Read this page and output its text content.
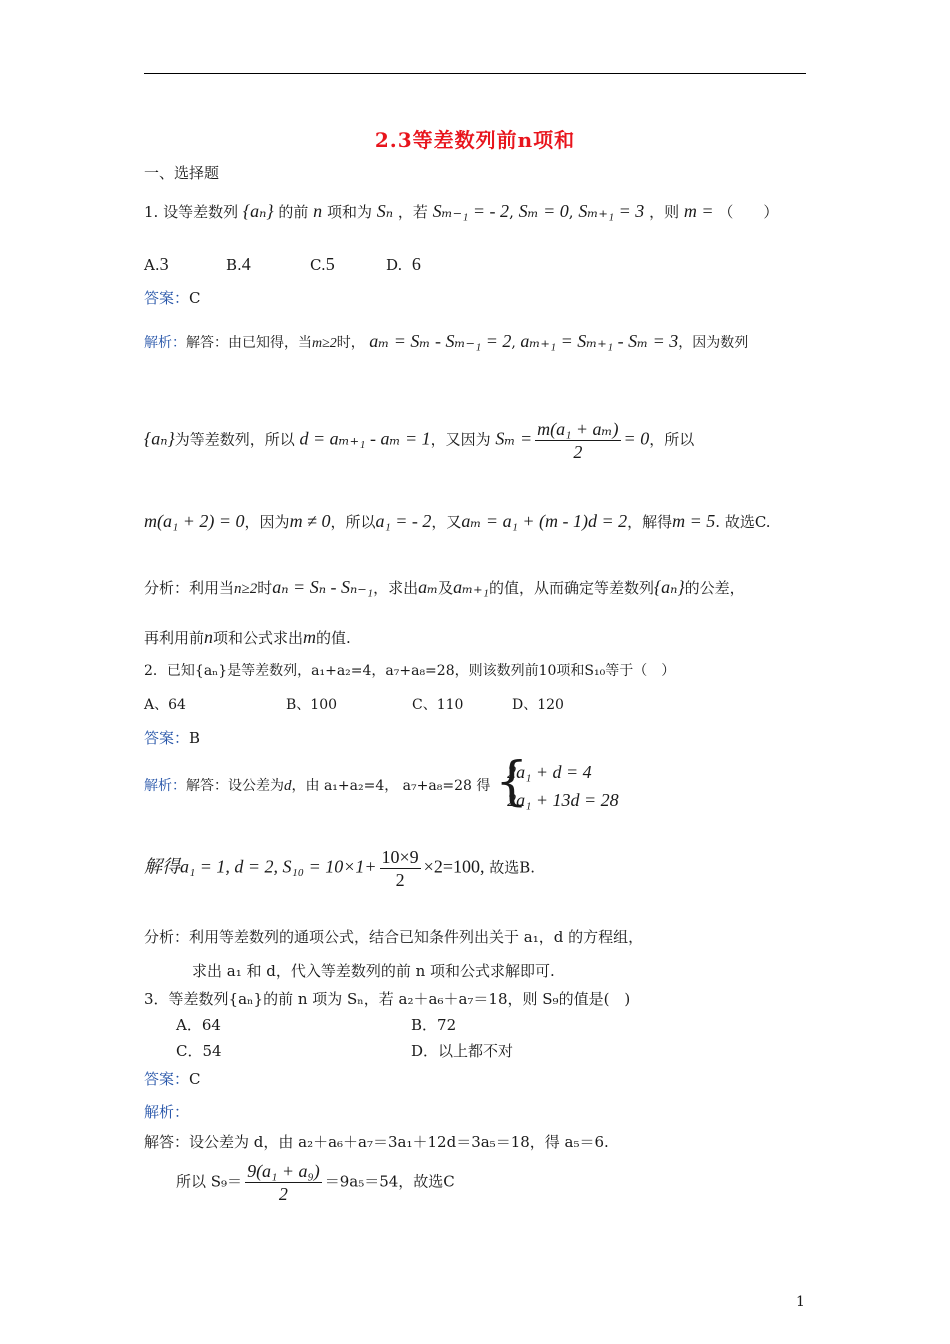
2.3等差数列前n项和
一、选择题
1. 设等差数列 {aₙ} 的前 n 项和为 Sₙ ，若 Sₘ₋₁ = - 2, Sₘ = 0, Sₘ₊₁ = 3 ，则 m = （　　）
A.3	B.4	C.5	D. 6
答案：C
解析：解答：由已知得，当m≥2时， aₘ = Sₘ - Sₘ₋₁ = 2, aₘ₊₁ = Sₘ₊₁ - Sₘ = 3，因为数列
{aₙ}为等差数列，所以 d = aₘ₊₁ - aₘ = 1，又因为 $S_m = \frac{\text{m(a₁ + aₘ)}}{2} = 0$，所以
m(a₁ + 2) = 0，因为m ≠ 0，所以a₁ = - 2，又aₘ = a₁ + (m - 1)d = 2，解得m = 5. 故选C.
分析：利用当n≥2时aₙ = Sₙ - Sₙ₋₁，求出aₘ及aₘ₊₁的值，从而确定等差数列{aₙ}的公差，
再利用前n项和公式求出m的值.
2．已知{aₙ}是等差数列，a₁+a₂=4，a₇+a₈=28，则该数列前10项和S₁₀等于（　）
A、64	B、100	C、110	D、120
答案：B
解析：解答：设公差为d，由 a₁+a₂=4， a₇+a₈=28 得 {
2a₁ + d = 4
2a₁ + 13d = 28
解得a₁ = 1, d = 2, $S_{10} = 10\times 1+ \frac{10\times 9}{2} \times 2=100$, 故选B.
分析：利用等差数列的通项公式，结合已知条件列出关于 a₁，d 的方程组，
求出 a₁ 和 d，代入等差数列的前 n 项和公式求解即可.
3．等差数列{aₙ}的前 n 项为 Sₙ，若 a₂＋a₆＋a₇＝18，则 S₉的值是(　)
A．64	B．72
C．54	D．以上都不对
答案：C
解析：
解答：设公差为 d，由 a₂＋a₆＋a₇＝3a₁＋12d＝3a₅＝18，得 a₅＝6.
所以 $S_9= \frac{\text{9(a₁ + a₉)}}{2} =9a_5=54$，故选C
1
